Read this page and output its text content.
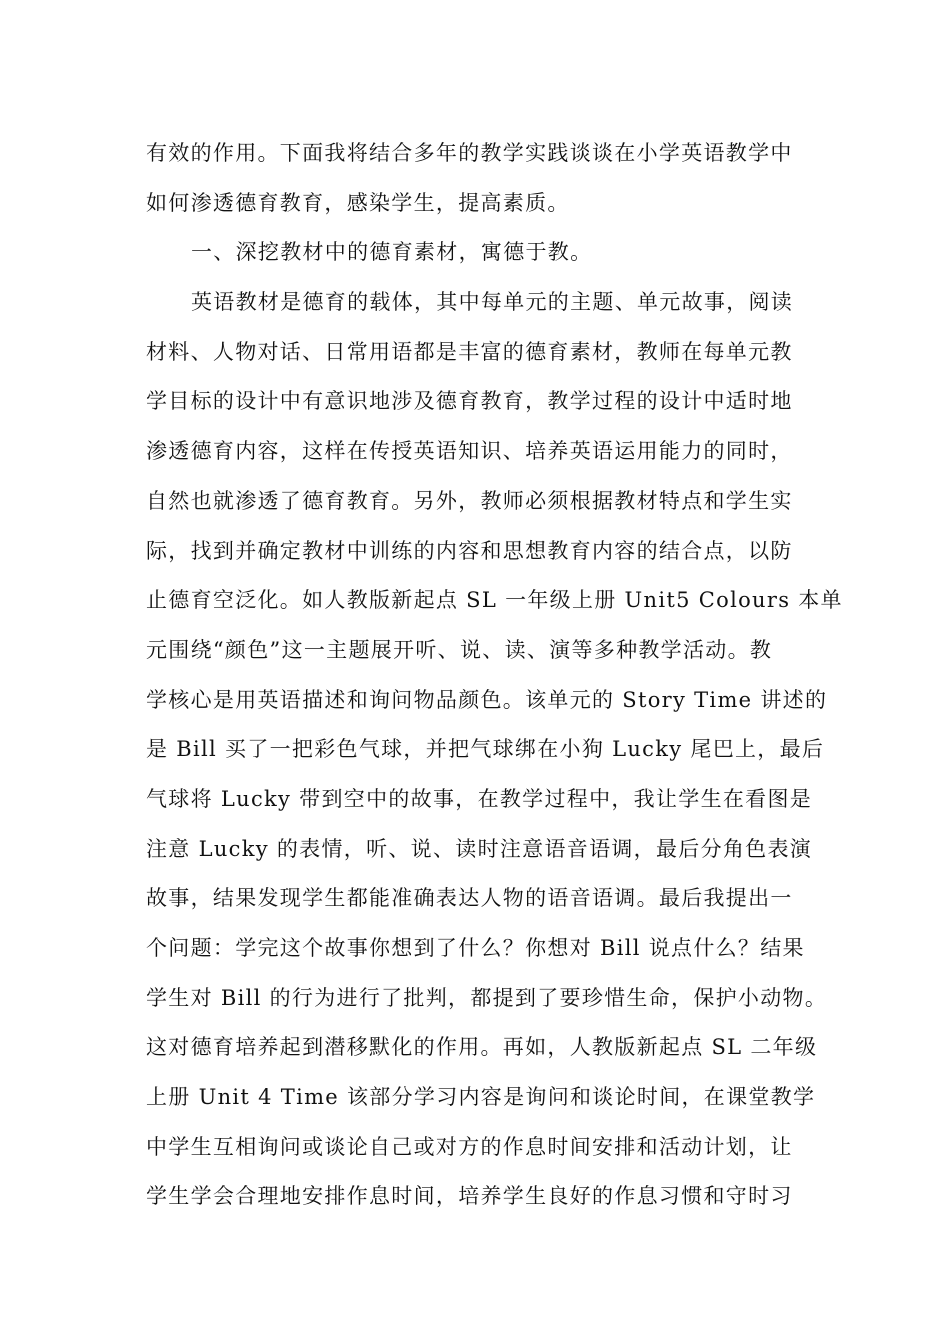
有效的作用。下面我将结合多年的教学实践谈谈在小学英语教学中
如何渗透德育教育，感染学生，提高素质。
一、深挖教材中的德育素材，寓德于教。
英语教材是德育的载体，其中每单元的主题、单元故事，阅读
材料、人物对话、日常用语都是丰富的德育素材，教师在每单元教
学目标的设计中有意识地涉及德育教育，教学过程的设计中适时地
渗透德育内容，这样在传授英语知识、培养英语运用能力的同时，
自然也就渗透了德育教育。另外，教师必须根据教材特点和学生实
际，找到并确定教材中训练的内容和思想教育内容的结合点，以防
止德育空泛化。如人教版新起点 SL 一年级上册 Unit5 Colours 本单
元围绕“颜色”这一主题展开听、说、读、演等多种教学活动。教
学核心是用英语描述和询问物品颜色。该单元的 Story Time 讲述的
是 Bill 买了一把彩色气球，并把气球绑在小狗 Lucky 尾巴上，最后
气球将 Lucky 带到空中的故事，在教学过程中，我让学生在看图是
注意 Lucky 的表情，听、说、读时注意语音语调，最后分角色表演
故事，结果发现学生都能准确表达人物的语音语调。最后我提出一
个问题：学完这个故事你想到了什么？你想对 Bill 说点什么？结果
学生对 Bill 的行为进行了批判，都提到了要珍惜生命，保护小动物。
这对德育培养起到潜移默化的作用。再如，人教版新起点 SL 二年级
上册 Unit 4 Time 该部分学习内容是询问和谈论时间，在课堂教学
中学生互相询问或谈论自己或对方的作息时间安排和活动计划，让
学生学会合理地安排作息时间，培养学生良好的作息习惯和守时习
